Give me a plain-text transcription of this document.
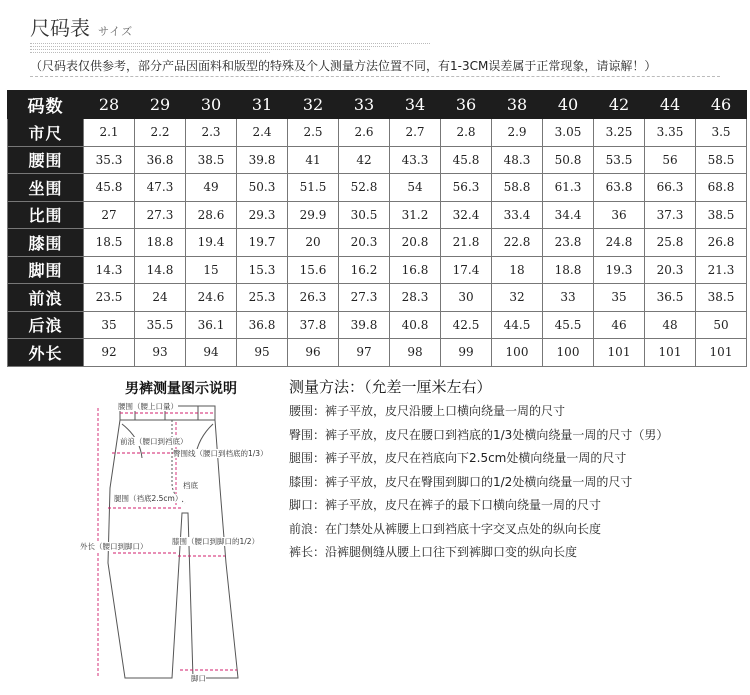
尺码表 サイズ
（尺码表仅供参考，部分产品因面料和版型的特殊及个人测量方法位置不同，有1-3CM误差属于正常现象，请谅解！）
码数	28	29	30	31	32	33	34	36	38	40	42	44	46
市尺	2.1	2.2	2.3	2.4	2.5	2.6	2.7	2.8	2.9	3.05	3.25	3.35	3.5
腰围	35.3	36.8	38.5	39.8	41	42	43.3	45.8	48.3	50.8	53.5	56	58.5
坐围	45.8	47.3	49	50.3	51.5	52.8	54	56.3	58.8	61.3	63.8	66.3	68.8
比围	27	27.3	28.6	29.3	29.9	30.5	31.2	32.4	33.4	34.4	36	37.3	38.5
膝围	18.5	18.8	19.4	19.7	20	20.3	20.8	21.8	22.8	23.8	24.8	25.8	26.8
脚围	14.3	14.8	15	15.3	15.6	16.2	16.8	17.4	18	18.8	19.3	20.3	21.3
前浪	23.5	24	24.6	25.3	26.3	27.3	28.3	30	32	33	35	36.5	38.5
后浪	35	35.5	36.1	36.8	37.8	39.8	40.8	42.5	44.5	45.5	46	48	50
外长	92	93	94	95	96	97	98	99	100	100	101	101	101
男裤测量图示说明
腰围（腰上口量）
前浪（腰口到裆底）
臀围线（腰口到档底的1/3）
档底
腿围（裆底2.5cm）
外长（腰口到脚口）
膝围（腰口到脚口的1/2）
脚口
测量方法：（允差一厘米左右）
腰围：裤子平放，皮尺沿腰上口横向绕量一周的尺寸
臀围：裤子平放，皮尺在腰口到裆底的1/3处横向绕量一周的尺寸（男）
腿围：裤子平放，皮尺在裆底向下2.5cm处横向绕量一周的尺寸
膝围：裤子平放，皮尺在臀围到脚口的1/2处横向绕量一周的尺寸
脚口：裤子平放，皮尺在裤子的最下口横向绕量一周的尺寸
前浪：在门禁处从裤腰上口到裆底十字交叉点处的纵向长度
裤长：沿裤腿侧缝从腰上口往下到裤脚口变的纵向长度
